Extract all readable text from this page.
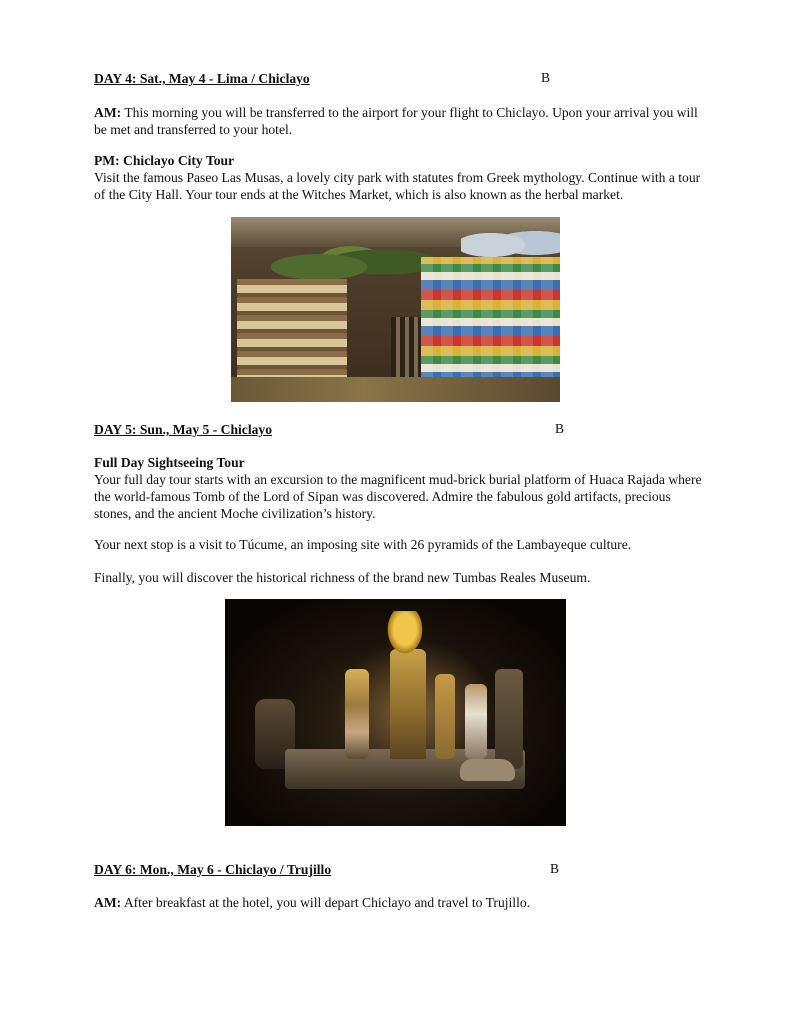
DAY 4: Sat., May 4 - Lima / Chiclayo	B

AM: This morning you will be transferred to the airport for your flight to Chiclayo. Upon your arrival you will be met and transferred to your hotel.

PM: Chiclayo City Tour

Visit the famous Paseo Las Musas, a lovely city park with statutes from Greek mythology. Continue with a tour of the City Hall. Your tour ends at the Witches Market, which is also known as the herbal market.

DAY 5: Sun., May 5 - Chiclayo	B

Full Day Sightseeing Tour

Your full day tour starts with an excursion to the magnificent mud-brick burial platform of Huaca Rajada where the world-famous Tomb of the Lord of Sipan was discovered. Admire the fabulous gold artifacts, precious stones, and the ancient Moche civilization’s history.

Your next stop is a visit to Túcume, an imposing site with 26 pyramids of the Lambayeque culture.

Finally, you will discover the historical richness of the brand new Tumbas Reales Museum.

DAY 6: Mon., May 6 - Chiclayo / Trujillo	B

AM: After breakfast at the hotel, you will depart Chiclayo and travel to Trujillo.
